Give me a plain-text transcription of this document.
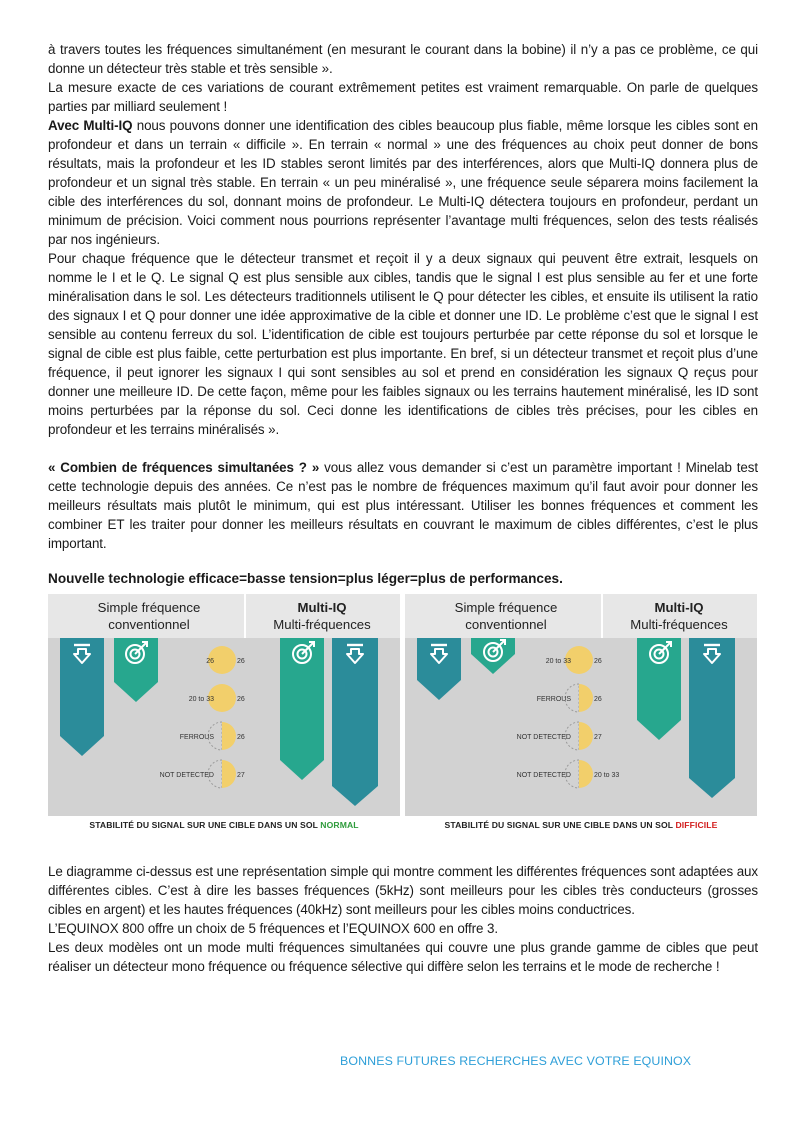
à travers toutes les fréquences simultanément (en mesurant le courant dans la bobine) il n’y a pas ce problème, ce qui donne un détecteur très stable et très sensible ».

La mesure exacte de ces variations de courant extrêmement petites est vraiment remarquable. On parle de quelques parties par milliard seulement !

Avec Multi-IQ nous pouvons donner une identification des cibles beaucoup plus fiable, même lorsque les cibles sont en profondeur et dans un terrain « difficile ». En terrain « normal » une des fréquences au choix peut donner de bons résultats, mais la profondeur et les ID stables seront limités par des interférences, alors que Multi-IQ donnera plus de profondeur et un signal très stable. En terrain « un peu minéralisé », une fréquence seule séparera moins facilement la cible des interférences du sol, donnant moins de profondeur. Le Multi-IQ détectera toujours en profondeur, perdant un minimum de précision. Voici comment nous pourrions représenter l’avantage multi fréquences, selon des tests réalisés par nos ingénieurs.

Pour chaque fréquence que le détecteur transmet et reçoit il y a deux signaux qui peuvent être extrait, lesquels on nomme le I et le Q. Le signal Q est plus sensible aux cibles, tandis que le signal I est plus sensible au fer et une forte minéralisation dans le sol. Les détecteurs traditionnels utilisent le Q pour détecter les cibles, et ensuite ils utilisent la ratio des signaux I et Q pour donner une idée approximative de la cible et donner une ID. Le problème c’est que le signal I est sensible au contenu ferreux du sol. L’identification de cible est toujours perturbée par cette réponse du sol et lorsque le signal de cible est plus faible, cette perturbation est plus importante. En bref, si un détecteur transmet et reçoit plus d’une fréquence, il peut ignorer les signaux I qui sont sensibles au sol et prend en considération les signaux Q reçus pour donner une meilleure ID. De cette façon, même pour les faibles signaux ou les terrains hautement minéralisé, les ID sont moins perturbées par la réponse du sol. Ceci donne les identifications de cibles très précises, pour les cibles en profondeur et les terrains minéralisés ».

« Combien de fréquences simultanées ? » vous allez vous demander si c’est un paramètre important ! Minelab test cette technologie depuis des années. Ce n’est pas le nombre de fréquences maximum qu’il faut avoir pour donner les meilleurs résultats mais plutôt le minimum, qui est plus intéressant. Utiliser les bonnes fréquences et comment les combiner ET les traiter pour donner les meilleurs résultats en couvrant le maximum de cibles différentes, c’est le plus important.

Nouvelle technologie efficace=basse tension=plus léger=plus de performances.
Simple fréquence
conventionnel
Multi-IQ
Multi-fréquences
26	26
20 to 33	26
FERROUS	26
NOT DETECTED	27
STABILITÉ DU SIGNAL SUR UNE CIBLE DANS UN SOL NORMAL
Simple fréquence
conventionnel
Multi-IQ
Multi-fréquences
20 to 33	26
FERROUS	26
NOT DETECTED	27
NOT DETECTED	20 to 33
STABILITÉ DU SIGNAL SUR UNE CIBLE DANS UN SOL DIFFICILE

Le diagramme ci-dessus est une représentation simple qui montre comment les différentes fréquences sont adaptées aux différentes cibles. C’est à dire les basses fréquences (5kHz) sont meilleurs pour les cibles très conducteurs (grosses cibles en argent) et les hautes fréquences (40kHz) sont meilleurs pour les cibles moins conductrices.

L’EQUINOX 800 offre un choix de 5 fréquences et l’EQUINOX 600 en offre 3.

Les deux modèles ont un mode multi fréquences simultanées qui couvre une plus grande gamme de cibles que peut réaliser un détecteur mono fréquence ou fréquence sélective qui diffère selon les terrains et le mode de recherche !

BONNES FUTURES RECHERCHES AVEC VOTRE EQUINOX
